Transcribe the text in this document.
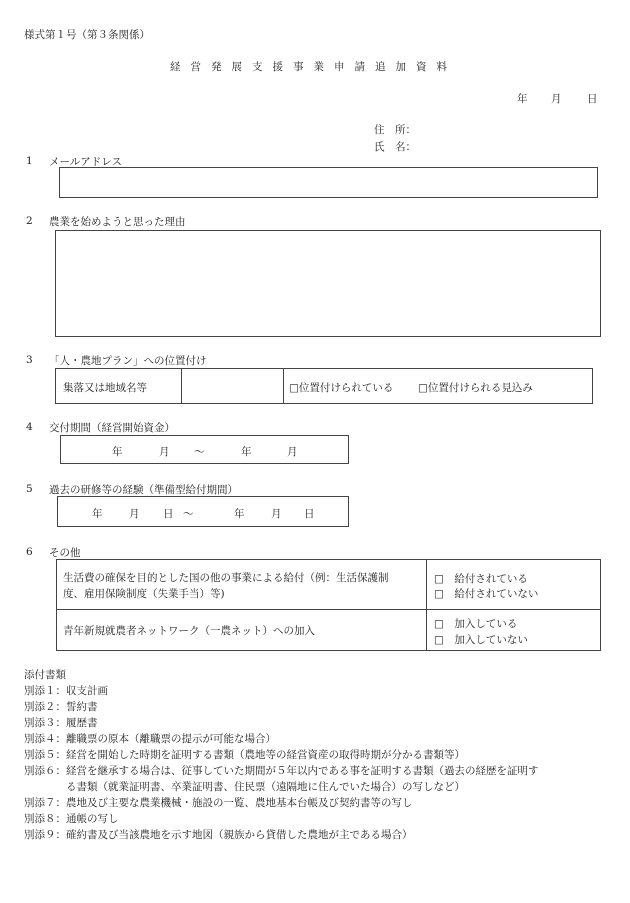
様式第１号（第３条関係）
経営発展支援事業申請追加資料
年 月 日
住　所：
氏　名：
1 メールアドレス
2 農業を始めようと思った理由
3 「人・農地プラン」への位置付け
集落又は地域名等	□位置付けられている □位置付けられる見込み
4 交付期間（経営開始資金）
年	月 〜	年	月
5 過去の研修等の経験（準備型給付期間）
年	月 日 〜	年	月 日
6 その他
生活費の確保を目的とした国の他の事業による給付（例：生活保護制
度、雇用保険制度（失業手当）等)
□　給付されている
□　給付されていない
青年新規就農者ネットワーク（一農ネット）への加入
□　加入している
□　加入していない
添付書類
別添１：収支計画
別添２：誓約書
別添３：履歴書
別添４：離職票の原本（離職票の提示が可能な場合）
別添５：経営を開始した時期を証明する書類（農地等の経営資産の取得時期が分かる書類等）
別添６：経営を継承する場合は、従事していた期間が５年以内である事を証明する書類（過去の経歴を証明す
　　　　る書類（就業証明書、卒業証明書、住民票（遠隔地に住んでいた場合）の写しなど）
別添７：農地及び主要な農業機械・施設の一覧、農地基本台帳及び契約書等の写し
別添８：通帳の写し
別添９：確約書及び当該農地を示す地図（親族から貸借した農地が主である場合）
